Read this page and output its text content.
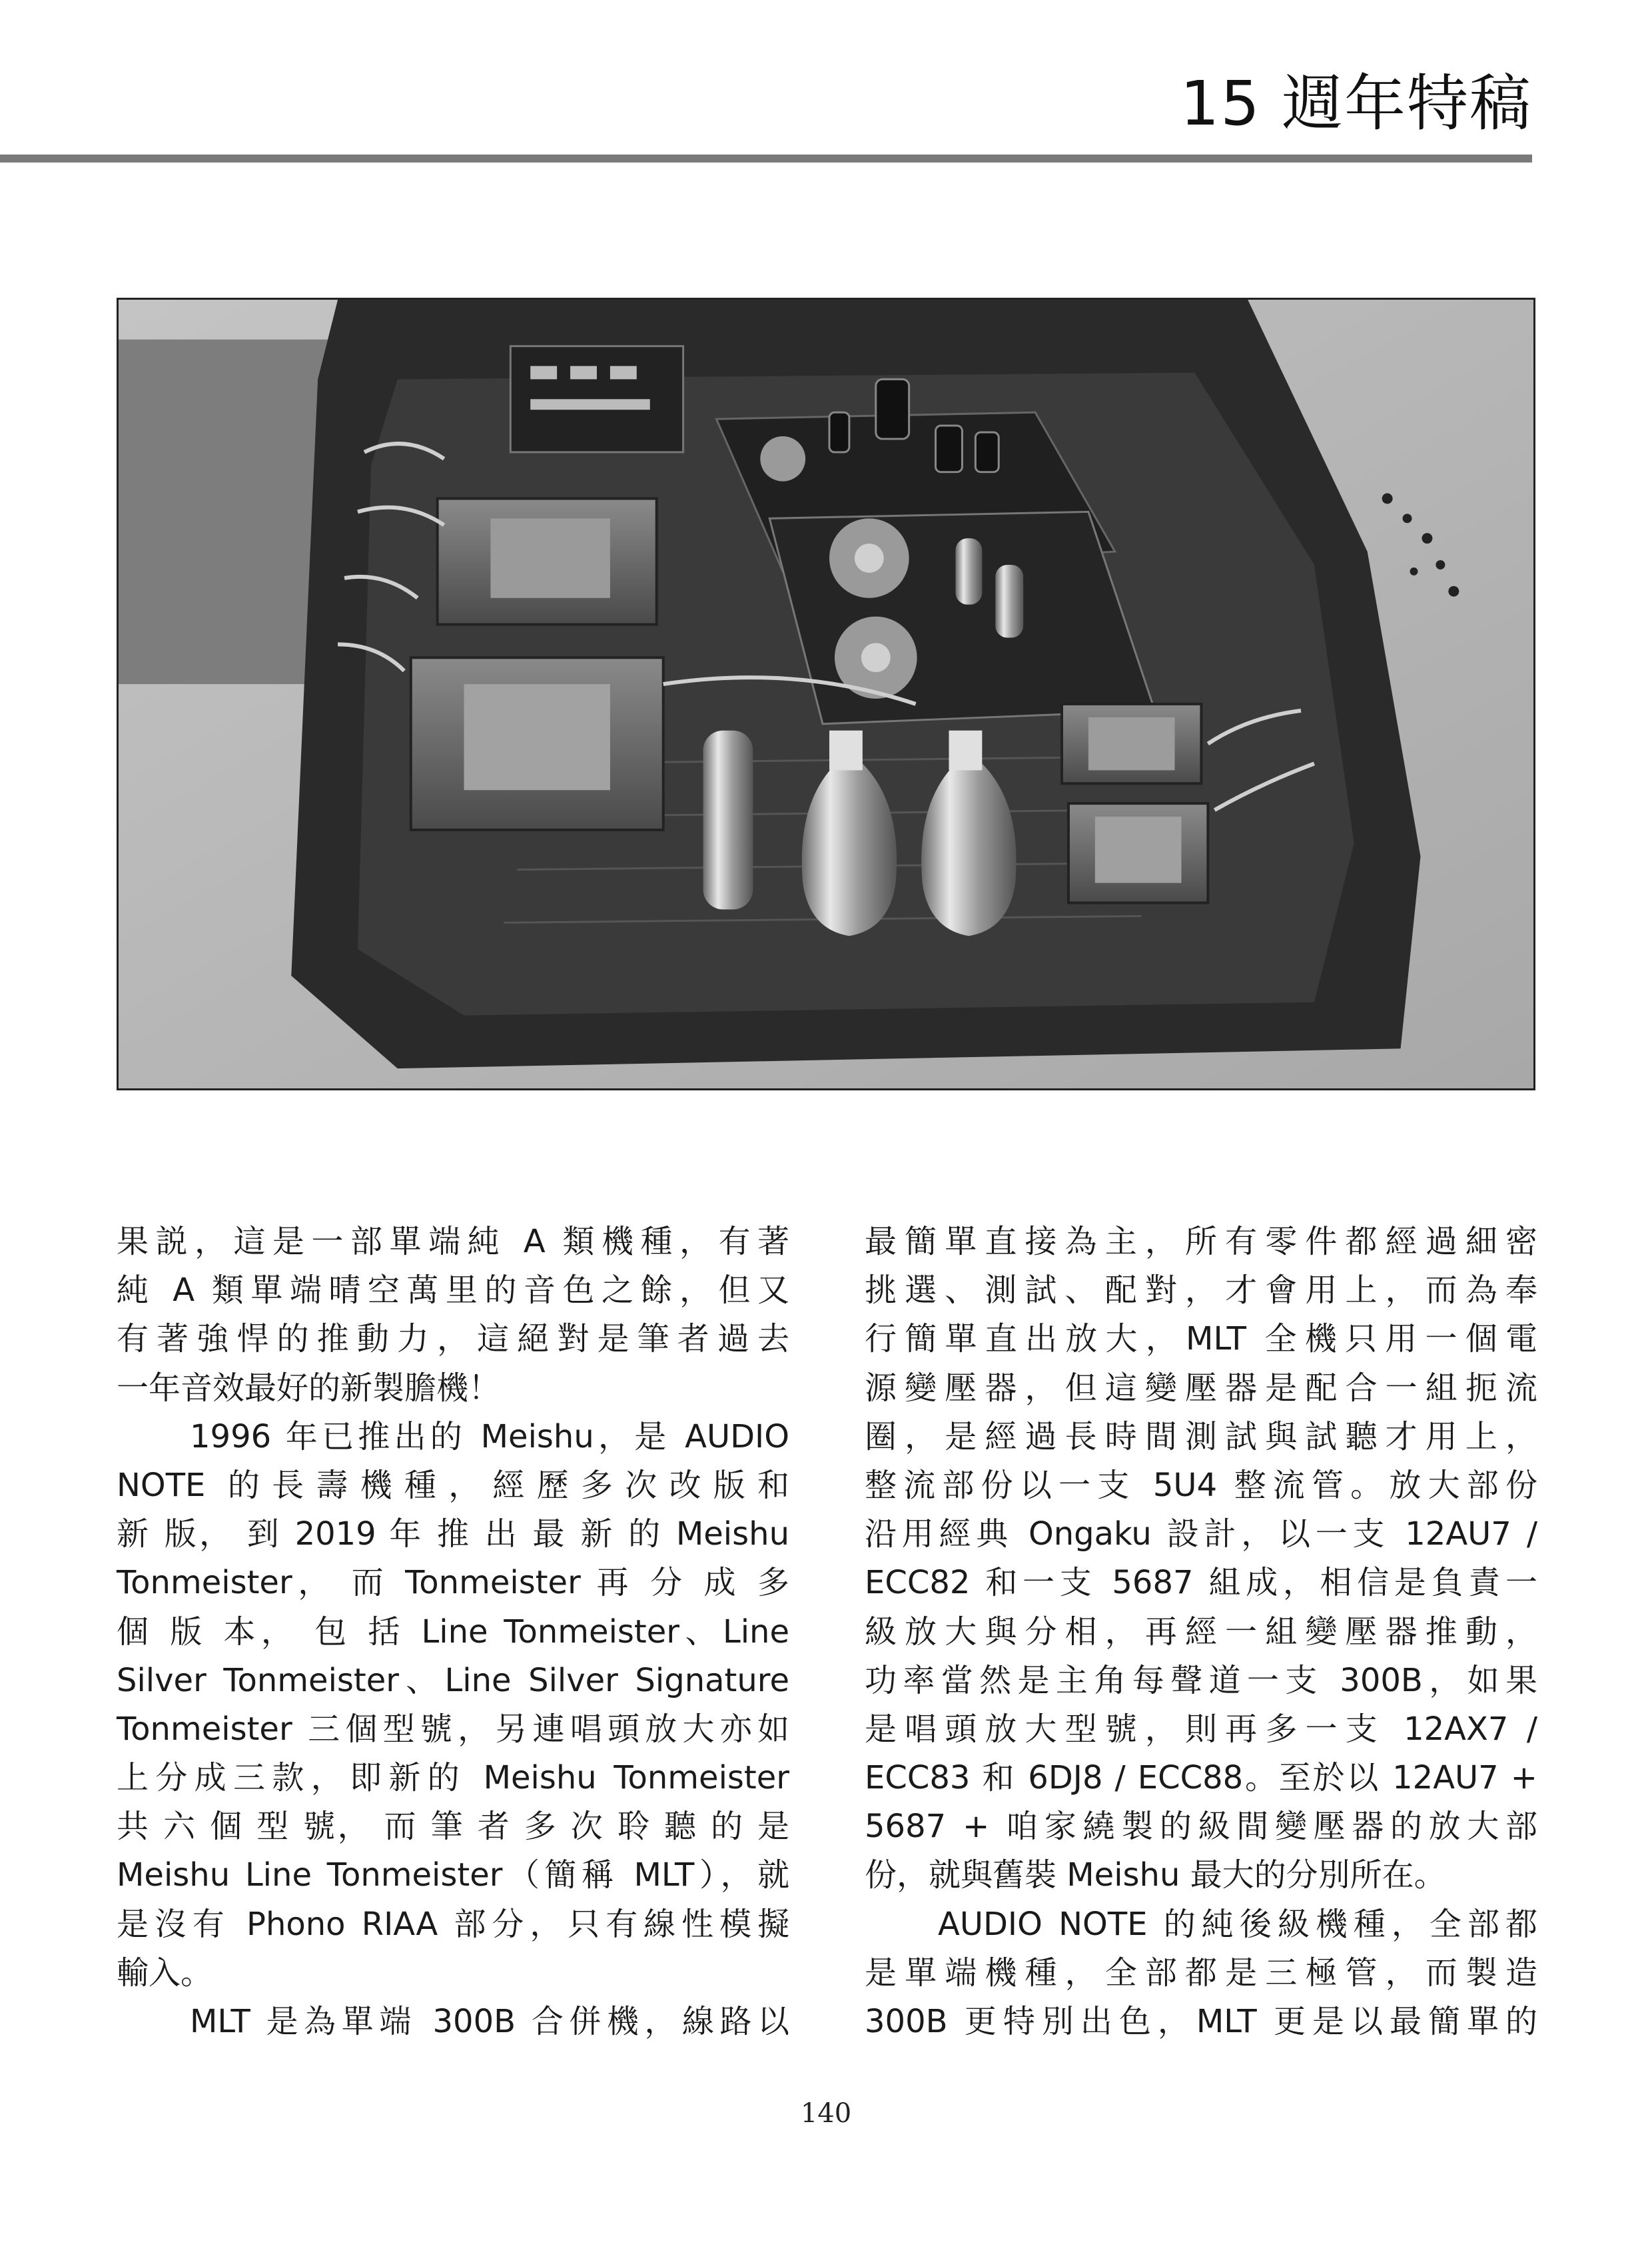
15 週年特稿
果説，這是一部單端純 A 類機種，有著
純 A 類單端晴空萬里的音色之餘，但又
有著強悍的推動力，這絕對是筆者過去
一年音效最好的新製膽機！
1996 年已推出的 Meishu，是 AUDIO
NOTE 的長壽機種，經歷多次改版和
新 版， 到 2019 年 推 出 最 新 的 Meishu
Tonmeister， 而 Tonmeister 再 分 成 多
個 版 本， 包 括 Line Tonmeister、Line
Silver Tonmeister、Line Silver Signature
Tonmeister 三個型號，另連唱頭放大亦如
上分成三款，即新的 Meishu Tonmeister
共 六 個 型 號， 而 筆 者 多 次 聆 聽 的 是
Meishu Line Tonmeister（簡稱 MLT），就
是沒有 Phono RIAA 部分，只有線性模擬
輸入。
MLT 是為單端 300B 合併機，線路以
最簡單直接為主，所有零件都經過細密
挑選、測試、配對，才會用上，而為奉
行簡單直出放大，MLT 全機只用一個電
源變壓器，但這變壓器是配合一組扼流
圈，是經過長時間測試與試聽才用上，
整流部份以一支 5U4 整流管。放大部份
沿用經典 Ongaku 設計，以一支 12AU7 /
ECC82 和一支 5687 組成，相信是負責一
級放大與分相，再經一組變壓器推動，
功率當然是主角每聲道一支 300B，如果
是唱頭放大型號，則再多一支 12AX7 /
ECC83 和 6DJ8 / ECC88。至於以 12AU7 +
5687 + 咱家繞製的級間變壓器的放大部
份，就與舊裝 Meishu 最大的分別所在。
AUDIO NOTE 的純後級機種，全部都
是單端機種，全部都是三極管，而製造
300B 更特別出色，MLT 更是以最簡單的
140
